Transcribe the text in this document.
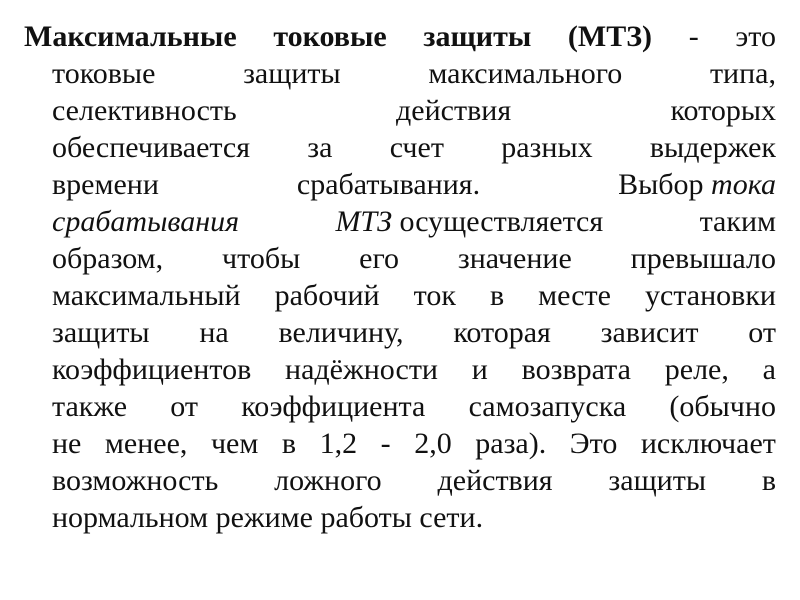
Максимальные токовые защиты (МТЗ) - это
токовые	защиты	максимального	типа,
селективность	действия	которых
обеспечивается за счет разных выдержек
времени	срабатывания.	Выбор тока
срабатывания	МТЗ осуществляется	таким
образом, чтобы его значение превышало
максимальный рабочий ток в месте установки
защиты на величину, которая зависит от
коэффициентов надёжности и возврата реле, а
также от коэффициента самозапуска (обычно
не менее, чем в 1,2 - 2,0 раза). Это исключает
возможность ложного действия защиты в
нормальном режиме работы сети.
